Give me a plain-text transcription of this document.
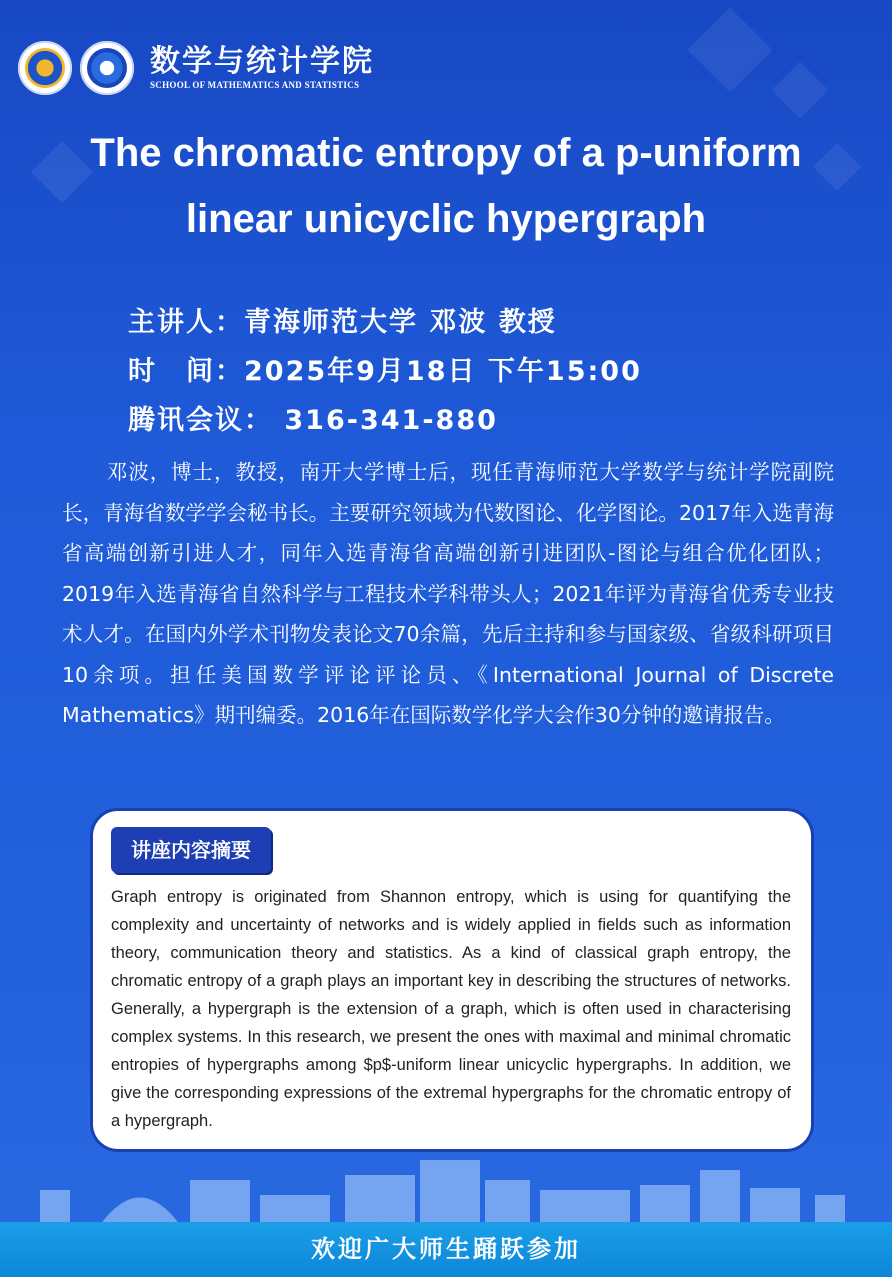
数学与统计学院
SCHOOL OF MATHEMATICS AND STATISTICS
The chromatic entropy of a p-uniform
linear unicyclic hypergraph
主讲人：青海师范大学 邓波 教授
时　间：2025年9月18日 下午15:00
腾讯会议： 316-341-880
邓波，博士，教授，南开大学博士后，现任青海师范大学数学与统计学院副院长，青海省数学学会秘书长。主要研究领域为代数图论、化学图论。2017年入选青海省高端创新引进人才，同年入选青海省高端创新引进团队-图论与组合优化团队；2019年入选青海省自然科学与工程技术学科带头人；2021年评为青海省优秀专业技术人才。在国内外学术刊物发表论文70余篇，先后主持和参与国家级、省级科研项目10余项。担任美国数学评论评论员、《International Journal of Discrete Mathematics》期刊编委。2016年在国际数学化学大会作30分钟的邀请报告。
讲座内容摘要
Graph entropy is originated from Shannon entropy, which is using for quantifying the complexity and uncertainty of networks and is widely applied in fields such as information theory, communication theory and statistics. As a kind of classical graph entropy, the chromatic entropy of a graph plays an important key in describing the structures of networks. Generally, a hypergraph is the extension of a graph, which is often used in characterising complex systems. In this research, we present the ones with maximal and minimal chromatic entropies of hypergraphs among $p$-uniform linear unicyclic hypergraphs. In addition, we give the corresponding expressions of the extremal hypergraphs for the chromatic entropy of a hypergraph.
欢迎广大师生踊跃参加
